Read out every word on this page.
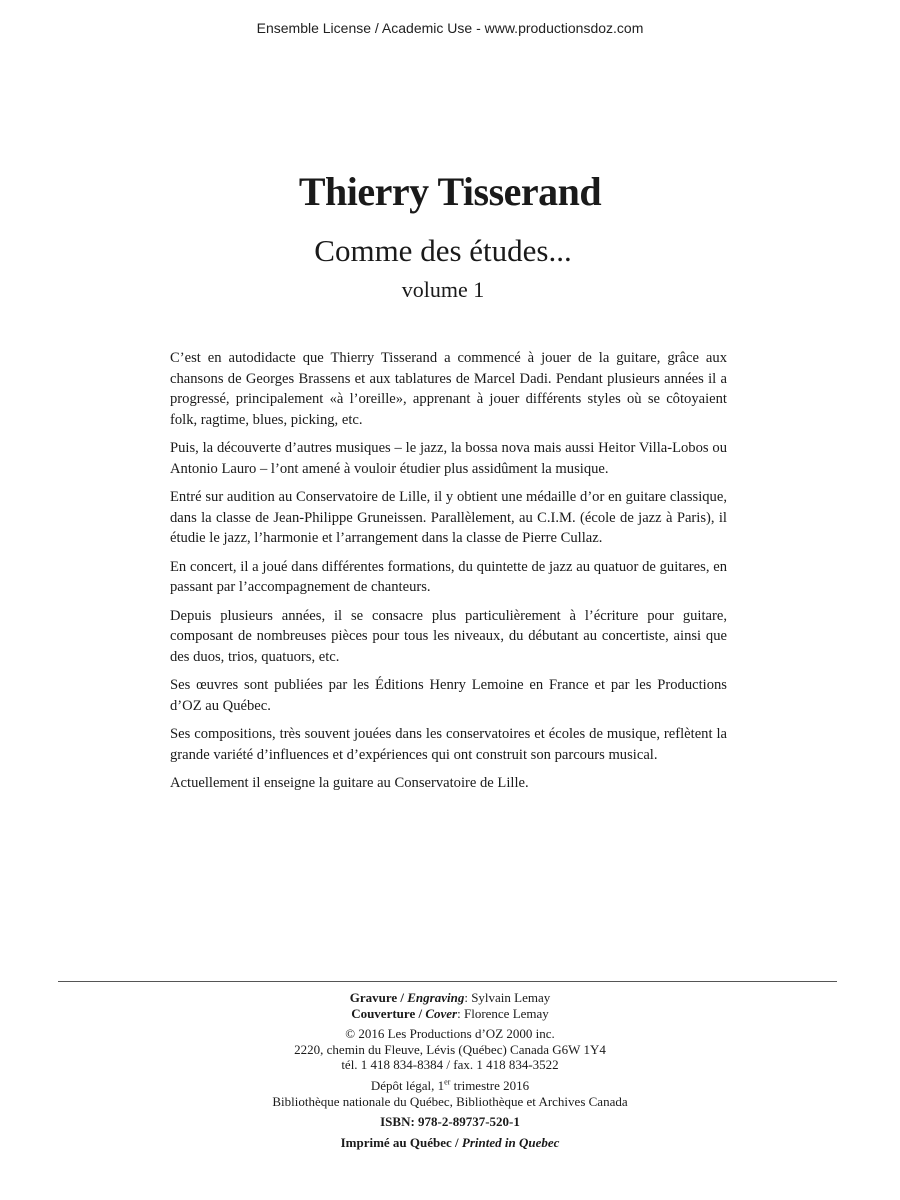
Ensemble License / Academic Use - www.productionsdoz.com
Thierry Tisserand
Comme des études...
volume 1

C’est en autodidacte que Thierry Tisserand a commencé à jouer de la guitare, grâce aux chansons de Georges Brassens et aux tablatures de Marcel Dadi. Pendant plusieurs années il a progressé, principalement «à l’oreille», apprenant à jouer différents styles où se côtoyaient folk, ragtime, blues, picking, etc.

Puis, la découverte d’autres musiques – le jazz, la bossa nova mais aussi Heitor Villa-Lobos ou Antonio Lauro – l’ont amené à vouloir étudier plus assidûment la musique.

Entré sur audition au Conservatoire de Lille, il y obtient une médaille d’or en guitare classique, dans la classe de Jean-Philippe Gruneissen. Parallèlement, au C.I.M. (école de jazz à Paris), il étudie le jazz, l’harmonie et l’arrangement dans la classe de Pierre Cullaz.

En concert, il a joué dans différentes formations, du quintette de jazz au quatuor de guitares, en passant par l’accompagnement de chanteurs.

Depuis plusieurs années, il se consacre plus particulièrement à l’écriture pour guitare, composant de nombreuses pièces pour tous les niveaux, du débutant au concertiste, ainsi que des duos, trios, quatuors, etc.

Ses œuvres sont publiées par les Éditions Henry Lemoine en France et par les Productions d’OZ au Québec.

Ses compositions, très souvent jouées dans les conservatoires et écoles de musique, reflètent la grande variété d’influences et d’expériences qui ont construit son parcours musical.

Actuellement il enseigne la guitare au Conservatoire de Lille.

Gravure / Engraving: Sylvain Lemay
Couverture / Cover: Florence Lemay
© 2016 Les Productions d’OZ 2000 inc.
2220, chemin du Fleuve, Lévis (Québec) Canada G6W 1Y4
tél. 1 418 834-8384 / fax. 1 418 834-3522
Dépôt légal, 1er trimestre 2016
Bibliothèque nationale du Québec, Bibliothèque et Archives Canada
ISBN: 978-2-89737-520-1
Imprimé au Québec / Printed in Quebec
